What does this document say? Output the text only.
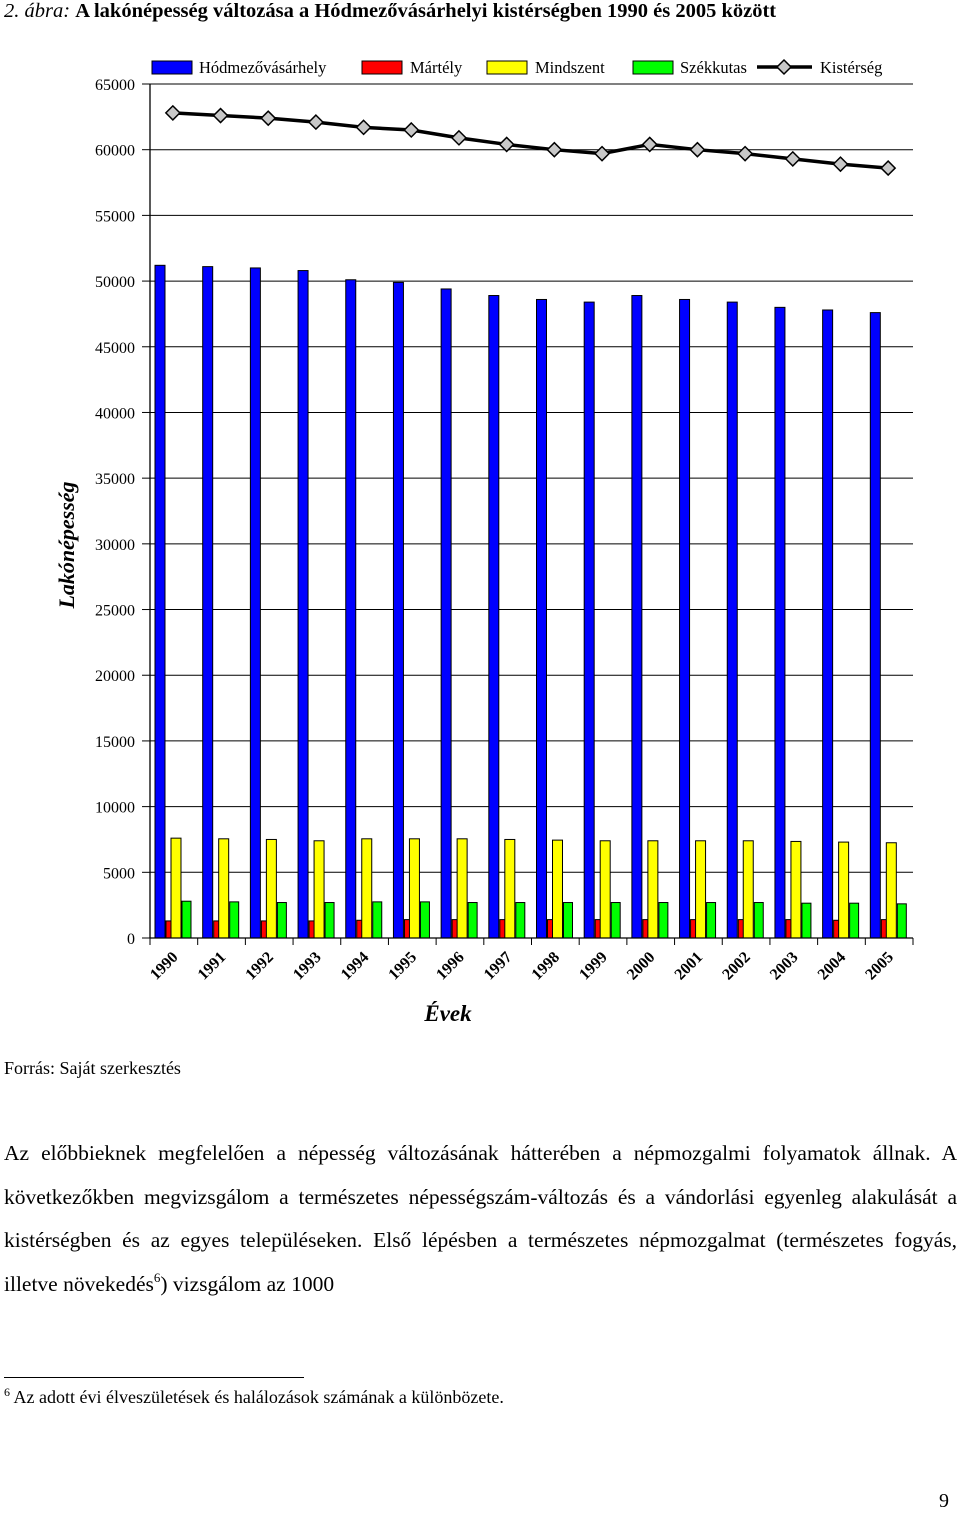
2. ábra: A lakónépesség változása a Hódmezővásárhelyi kistérségben 1990 és 2005 között
0
5000
10000
15000
20000
25000
30000
35000
40000
45000
50000
55000
60000
65000
Lakónépesség
1990 1991 1992 1993 1994 1995 1996 1997 1998 1999 2000 2001 2002 2003 2004 2005
Évek
Hódmezővásárhely	Mártély	Mindszent	Székkutas	Kistérség
Forrás: Saját szerkesztés
Az előbbieknek megfelelően a népesség változásának hátterében a népmozgalmi folyamatok állnak. A következőkben megvizsgálom a természetes népességszám-változás és a vándorlási egyenleg alakulását a kistérségben és az egyes településeken. Első lépésben a természetes népmozgalmat (természetes fogyás, illetve növekedés$^6$) vizsgálom az 1000
$^6$ Az adott évi élveszületések és halálozások számának a különbözete.
9
